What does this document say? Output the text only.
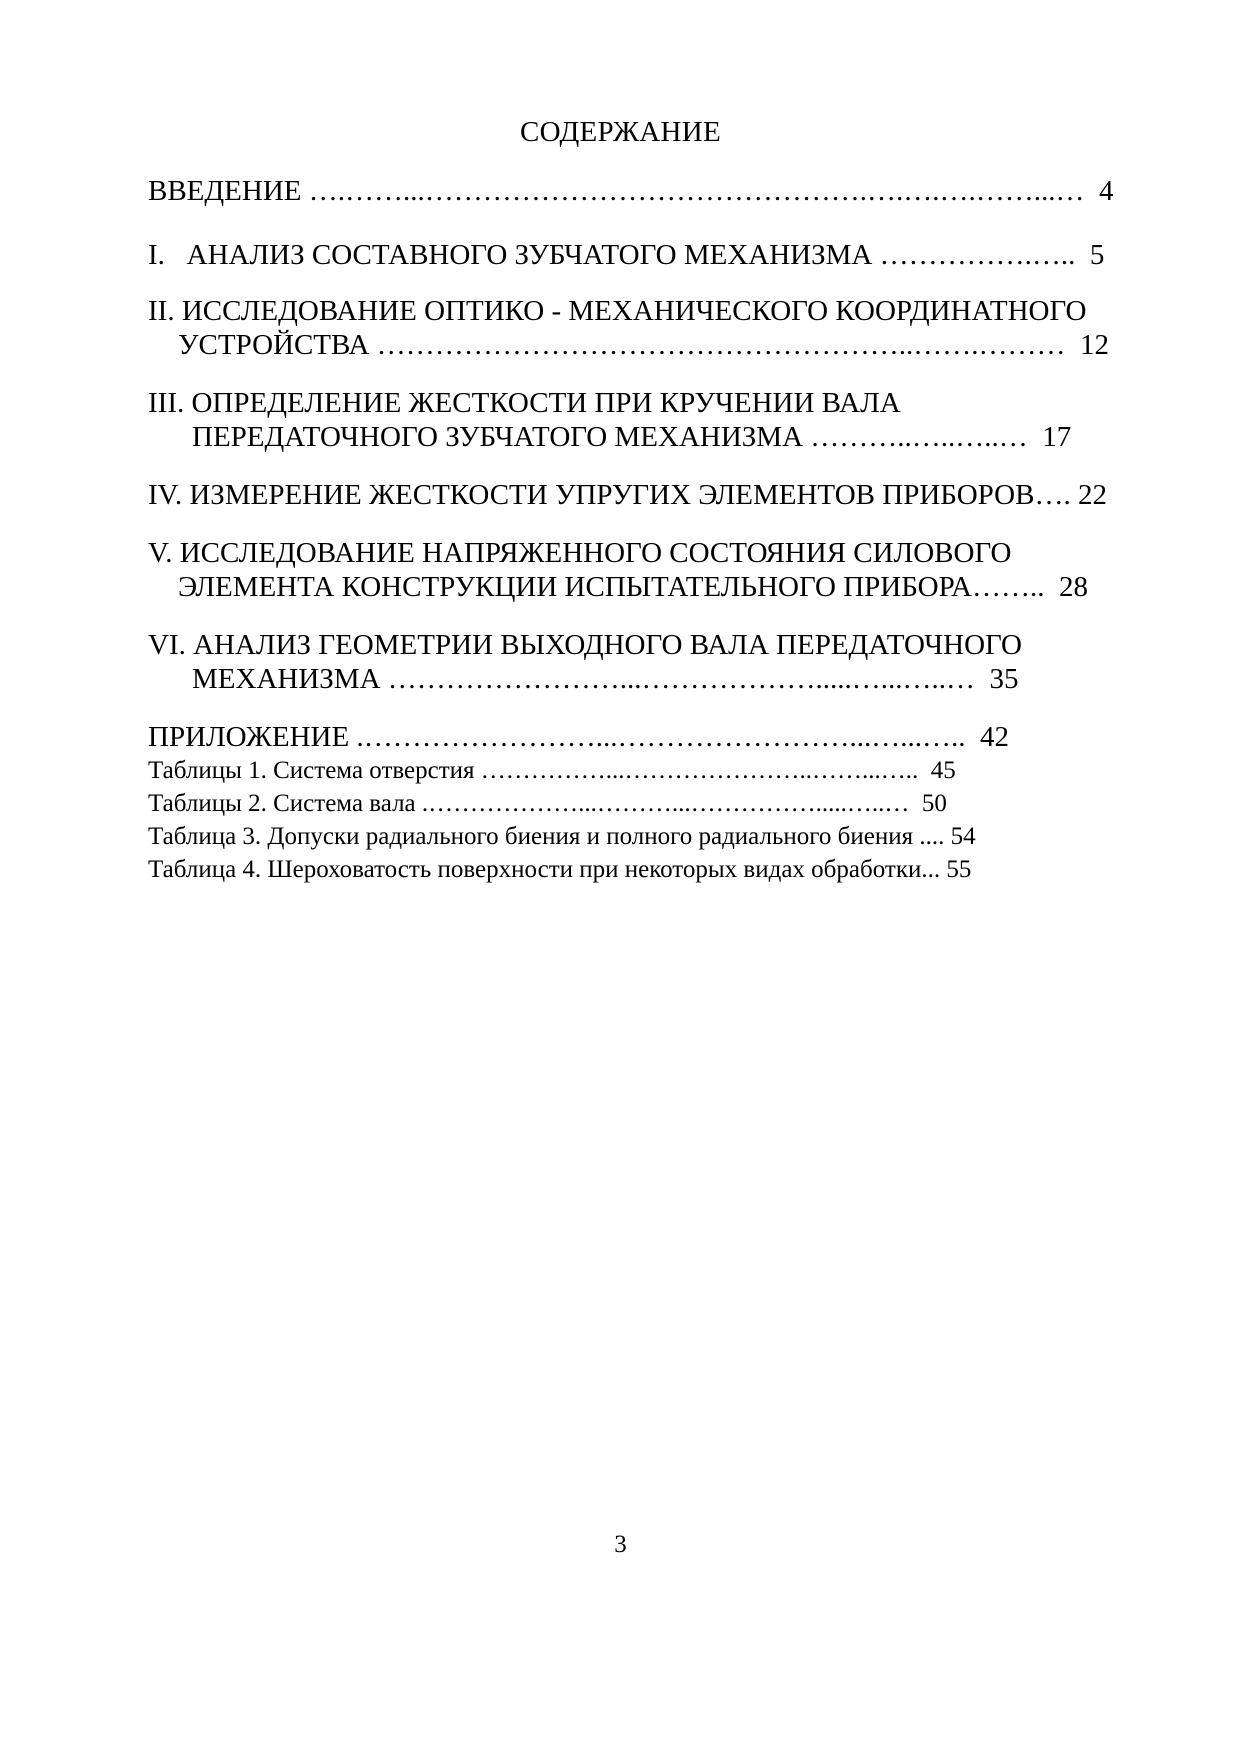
СОДЕРЖАНИЕ
ВВЕДЕНИЕ ….……...……………………………………….….….….……...…  4
I.   АНАЛИЗ СОСТАВНОГО ЗУБЧАТОГО МЕХАНИЗМА …………….…..  5
II. ИССЛЕДОВАНИЕ ОПТИКО - МЕХАНИЧЕСКОГО КООРДИНАТНОГО
УСТРОЙСТВА ………………………………………………..…….………  12
III. ОПРЕДЕЛЕНИЕ ЖЕСТКОСТИ ПРИ КРУЧЕНИИ ВАЛА
ПЕРЕДАТОЧНОГО ЗУБЧАТОГО МЕХАНИЗМА ………..…..…..…  17
IV. ИЗМЕРЕНИЕ ЖЕСТКОСТИ УПРУГИХ ЭЛЕМЕНТОВ ПРИБОРОВ…. 22
V. ИССЛЕДОВАНИЕ НАПРЯЖЕННОГО СОСТОЯНИЯ СИЛОВОГО
ЭЛЕМЕНТА КОНСТРУКЦИИ ИСПЫТАТЕЛЬНОГО ПРИБОРА……..  28
VI. АНАЛИЗ ГЕОМЕТРИИ ВЫХОДНОГО ВАЛА ПЕРЕДАТОЧНОГО
МЕХАНИЗМА ……………………...……………….....…...…..…  35
ПРИЛОЖЕНИЕ .……………………...……………………...…...…..  42
Таблицы 1. Система отверстия ……………...…………………..……...…..  45
Таблицы 2. Система вала .………………...………...…………….....…..…  50
Таблица 3. Допуски радиального биения и полного радиального биения .... 54
Таблица 4. Шероховатость поверхности при некоторых видах обработки... 55
3
